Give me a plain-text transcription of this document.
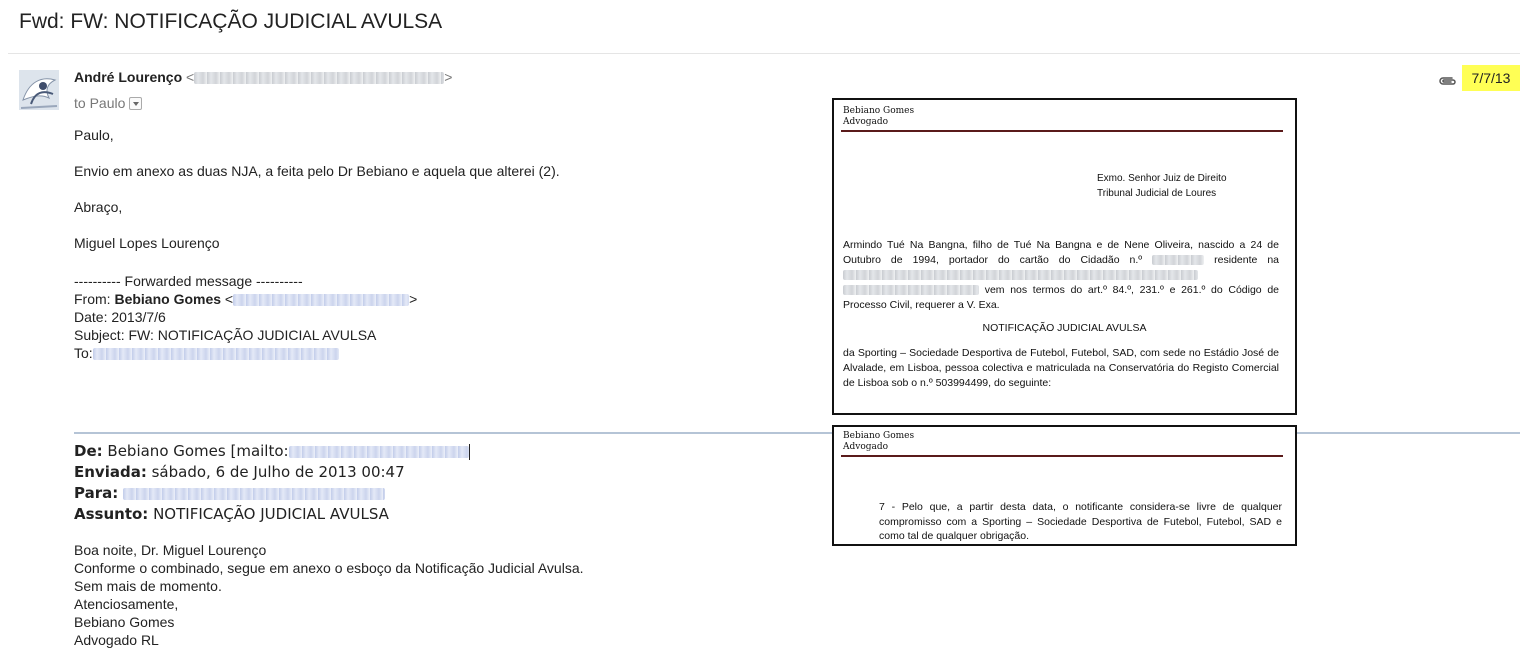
Fwd: FW: NOTIFICAÇÃO JUDICIAL AVULSA
André Lourenço <	>
to Paulo
7/7/13
Paulo,
Envio em anexo as duas NJA, a feita pelo Dr Bebiano e aquela que alterei (2).
Abraço,
Miguel Lopes Lourenço
---------- Forwarded message ----------
From: Bebiano Gomes <	>
Date: 2013/7/6
Subject: FW: NOTIFICAÇÃO JUDICIAL AVULSA
To:
De: Bebiano Gomes [mailto:
Enviada: sábado, 6 de Julho de 2013 00:47
Para:
Assunto: NOTIFICAÇÃO JUDICIAL AVULSA
Boa noite, Dr. Miguel Lourenço
Conforme o combinado, segue em anexo o esboço da Notificação Judicial Avulsa.
Sem mais de momento.
Atenciosamente,
Bebiano Gomes
Advogado RL
Bebiano Gomes
Advogado
Exmo. Senhor Juiz de Direito
Tribunal Judicial de Loures
Armindo Tué Na Bangna, filho de Tué Na Bangna e de Nene Oliveira, nascido a 24 de Outubro de 1994, portador do cartão do Cidadão n.º	residente na   vem nos termos do art.º 84.º, 231.º e 261.º do Código de Processo Civil, requerer a V. Exa.
NOTIFICAÇÃO JUDICIAL AVULSA
da Sporting – Sociedade Desportiva de Futebol, Futebol, SAD, com sede no Estádio José de Alvalade, em Lisboa, pessoa colectiva e matriculada na Conservatória do Registo Comercial de Lisboa sob o n.º 503994499, do seguinte:
Bebiano Gomes
Advogado
7 - Pelo que, a partir desta data, o notificante considera-se livre de qualquer compromisso com a Sporting – Sociedade Desportiva de Futebol, Futebol, SAD e como tal de qualquer obrigação.
